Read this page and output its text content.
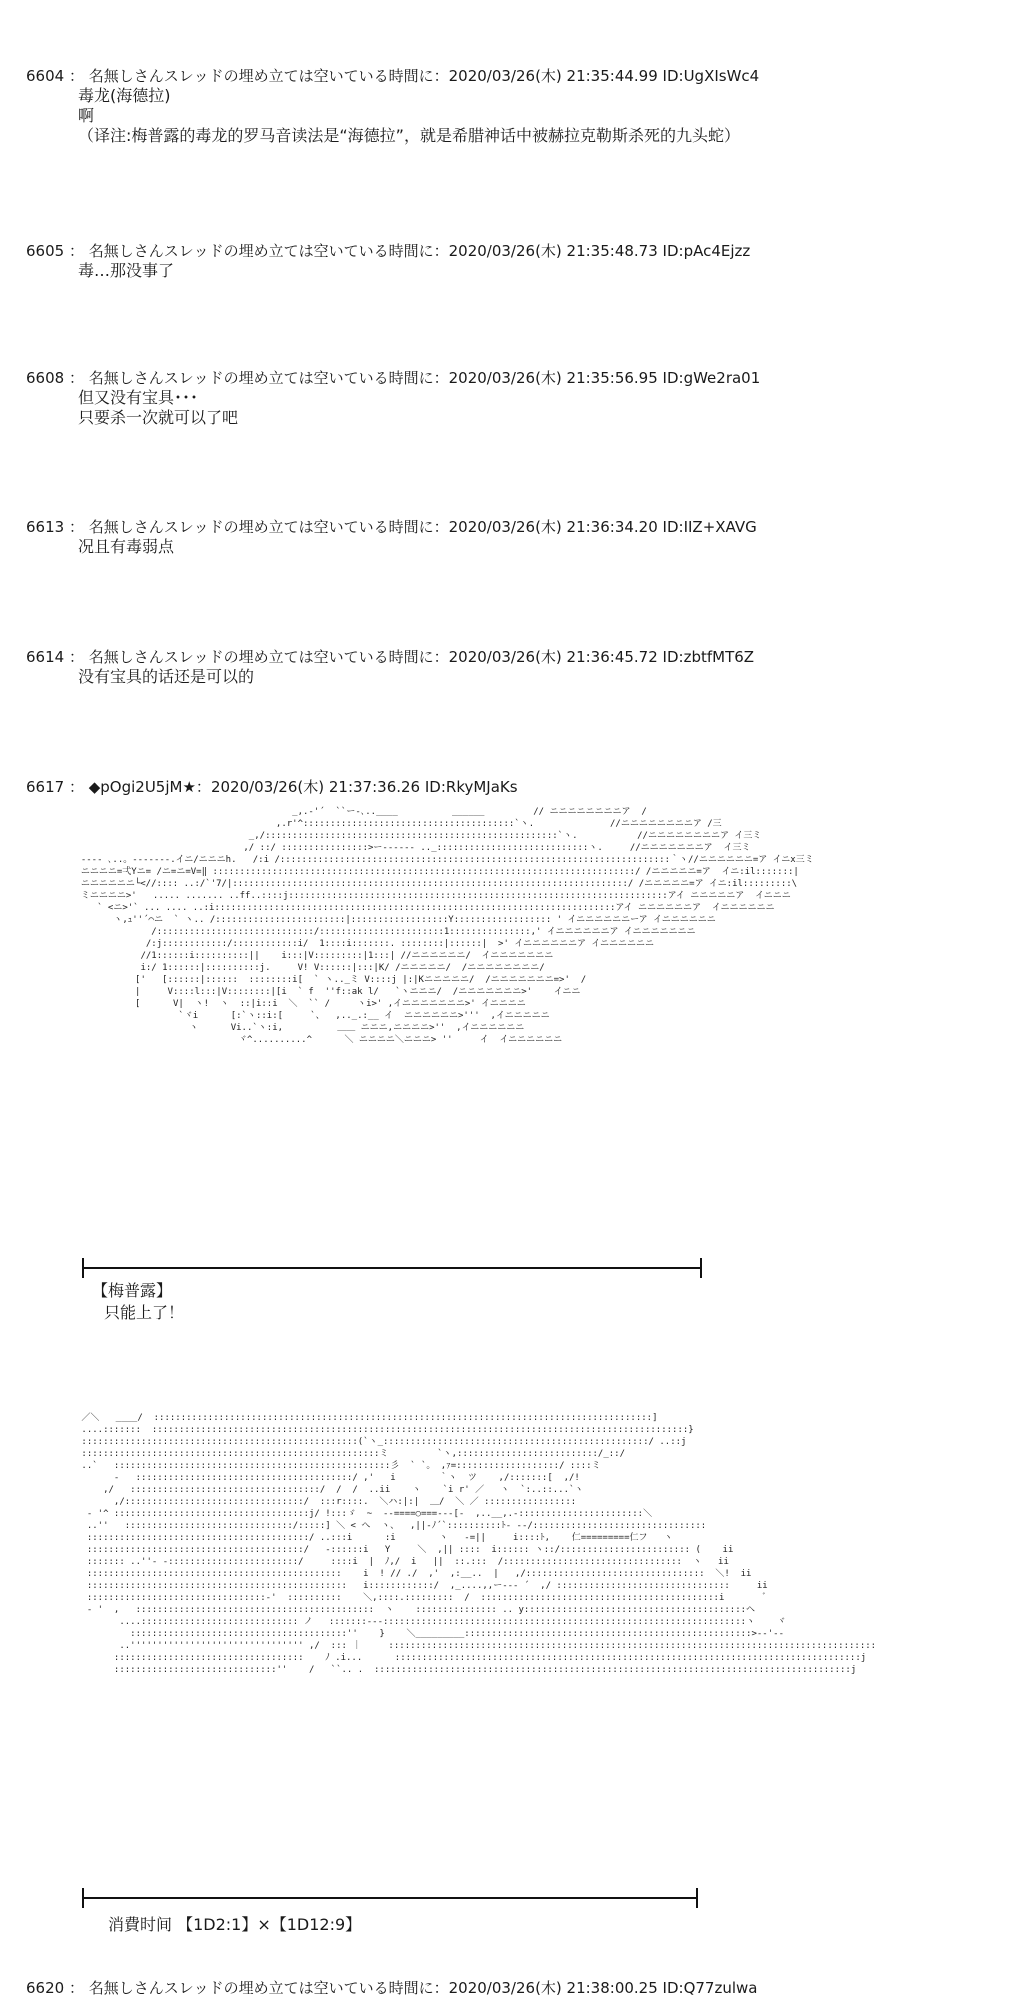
6604 ： 名無しさんスレッドの埋め立ては空いている時間に：2020/03/26(木) 21:35:44.99 ID:UgXIsWc4
毒龙(海德拉)
啊
（译注:梅普露的毒龙的罗马音读法是“海德拉”，就是希腊神话中被赫拉克勒斯杀死的九头蛇）
6605 ： 名無しさんスレッドの埋め立ては空いている時間に：2020/03/26(木) 21:35:48.73 ID:pAc4Ejzz
毒…那没事了
6608 ： 名無しさんスレッドの埋め立ては空いている時間に：2020/03/26(木) 21:35:56.95 ID:gWe2ra01
但又没有宝具･･･
只要杀一次就可以了吧
6613 ： 名無しさんスレッドの埋め立ては空いている時間に：2020/03/26(木) 21:36:34.20 ID:IIZ+XAVG
况且有毒弱点
6614 ： 名無しさんスレッドの埋め立ては空いている時間に：2020/03/26(木) 21:36:45.72 ID:zbtfMT6Z
没有宝具的话还是可以的
6617 ： ◆pOgi2U5jM★：2020/03/26(木) 21:37:36.26 ID:RkyMJaKs
_,.-'´  ``ー-､..____          ______         // ニニニニニニニニア  /
,.r'^:::::::::::::::::::::::::::::::::::::::`ヽ.              //ニニニニニニニニア /三
_,/::::::::::::::::::::::::::::::::::::::::::::::::::::::`ヽ.           //ニニニニニニニニア イ三ミ
,/ ::/ ::::::::::::::::>ー‐‐‐‐‐- .._::::::::::::::::::::::::::::ヽ.     //ニニニニニニニア  イ三ミ
-‐‐‐ ､..。-‐‐‐‐‐‐.イニ/ニニニh.   /:i /::::::::::::::::::::::::::::::::::::::::::::::::::::::::::::::::::::::::｀ヽ//ニニニニニニ=ア イニx三ミ
ニニニニ=弌Yニ= /ニ=ニ=V=‖ ::::::::::::::::::::::::::::::::::::::::::::::::::::::::::::::::::::::::::::::/ /ニニニニニ=ア  イニ:il:::::::|
ニニニニニニ└<//:::: ..:/`'7/|:::::::::::::::::::::::::::::::::::::::::::::::::::::::::::::::::::::::::/ /ニニニニニ=ア イニ:il:::::::::\
ミニニニニ>'   ..... ....... ..ff..::::j::::::::::::::::::::::::::::::::::::::::::::::::::::::::::::::::::::::アイ ニニニニニア  イニニニ
` <ニ>'` ... .... ..:i::::::::::::::::::::::::::::::::::::::::::::::::::::::::::::::::::::::::::アイ ニニニニニニア  イニニニニニニ
ヽ,ｭ''´⌒ニ  ` ヽ.. /::::::::::::::::::::::::|::::::::::::::::::Y:::::::::::::::::: ' イニニニニニニーア イニニニニニニ
/:::::::::::::::::::::::::::::/:::::::::::::::::::::::1:::::::::::::::,' イニニニニニニア イニニニニニニニ
/:j::::::::::::/::::::::::::i/  1::::i:::::::. ::::::::|::::::|  >' イニニニニニニア イニニニニニニ
//1::::::i::::::::::||    i:::|V:::::::::|1:::| //ニニニニニニ/  イニニニニニニニ
i:/ 1::::::|::::::::::j.     V! V::::::|:::|K/ /ニニニニニ/  /ニニニニニニニニ/
['   [::::::|::::::  ::::::::i[  ` ヽ.._ミ V::::j |:|Kニニニニニ/  /ニニニニニニニ=>'  /
|     V::::l:::|V::::::::|[i  ` f  ''f::ak l/   `ヽニニニ/  /ニニニニニニニ>'    イニニ
[      V|  ヽ!  ヽ  ::|i::i  ＼  `` /     ヽi>' ,イニニニニニニニ>' イニニニニ
`ヾi      [:`ヽ::i:[     `、  ,.._.:__ イ  ニニニニニニ>'''  ,イニニニニニ
ヽ      Vi..`ヽ:i,          ＿＿ ニニニ,ニニニニ>''  ,イニニニニニニ
ヾ^..........^      ＼ ニニニニ＼ニニニ> ''     イ  イニニニニニニ
【梅普露】
只能上了！
／＼   ____/  ::::::::::::::::::::::::::::::::::::::::::::::::::::::::::::::::::::::::::::::::::::::::::::]
....:::::::  :::::::::::::::::::::::::::::::::::::::::::::::::::::::::::::::::::::::::::::::::::::::::::::::::::}
:::::::::::::::::::::::::::::::::::::::::::::::::::(`ヽ_:::::::::::::::::::::::::::::::::::::::::::::::::/ ..::j
:::::::::::::::::::::::::::::::::::::::::::::::::::::::ミ         `ヽ,::::::::::::::::::::::::::/_::/
..`   :::::::::::::::::::::::::::::::::::::::::::::::::::彡  ` `。 ,ｧ=:::::::::::::::::::/ ::::ミ
‐   ::::::::::::::::::::::::::::::::::::::::/ ,'   i        ｀ヽ  ツ    ,/:::::::[  ,/!
,/   :::::::::::::::::::::::::::::::::::/  /  /  ..ii    ヽ    `i r' ／   ヽ  `:..::...`ヽ
,/:::::::::::::::::::::::::::::::::/  :::r::::.  ＼ハ:|:|  ＿/  ＼ ／ :::::::::::::::::
‐ '^ ::::::::::::::::::::::::::::::::::::j/ !:::ゞ  ~  -‐====○===‐‐‐[‐  ,..__,.-:::::::::::::::::::::::＼
..''   :::::::::::::::::::::::::::::::/:::::] ＼ < へ  ヽ、  ,||-ﾉ´`::::::::::ﾄ- -‐/::::::::::::::::::::::::::::::::
:::::::::::::::::::::::::::::::::::::::::/ ..:::i      :i        ヽ   -=||     i::::ﾄ,    仁=========仁フ   ヽ
::::::::::::::::::::::::::::::::::::::::/   -::::::i   Y     ＼  ,|| ::::  i:::::: ヽ::/:::::::::::::::::::::::: (    ii
::::::: ..''‐ -::::::::::::::::::::::::/     ::::i  |  ﾉ,/  i   ||  ::.:::  /:::::::::::::::::::::::::::::::::  ヽ   ii
:::::::::::::::::::::::::::::::::::::::::::::::    i  ! // ./  ,'  ,:__..  |   ,/:::::::::::::::::::::::::::::::::  ＼!  ii
::::::::::::::::::::::::::::::::::::::::::::::::   i::::::::::::/  ,_....,,ー‐‐‐ ´  ,/ ::::::::::::::::::::::::::::::::     ii
:::::::::::::::::::::::::::::::::‐'  ::::::::::    ＼,::::.:::::::::  /  ::::::::::::::::::::::::::::::::::::::::::::i       ﾞ
‐ '  ,   ::::::::::::::::::::::::::::::::::::::::::::  ヽ    ::::::::::::::: .. y:::::::::::::::::::::::::::::::::::::::::ヘ
....::::::::::::::::::::::::::::: ノ   :::::::‐‐‐:::::::::::::::::::::::::::::::::::::::::::::::::::::::::::::::::::ヽ    ヾ
::::::::::::::::::::::::::::::::::::::::''    }    ＼_________:::::::::::::::::::::::::::::::::::::::::::::::::::::>--'--
..'''''''''''''''''''''''''''''''' ,/  ::: ｜     ::::::::::::::::::::::::::::::::::::::::::::::::::::::::::::::::::::::::::::::::::::::::::
:::::::::::::::::::::::::::::::::::    ﾉ .i...      ::::::::::::::::::::::::::::::::::::::::::::::::::::::::::::::::::::::::::::::::::::::j
::::::::::::::::::::::::::::::''    /   ``.. .  ::::::::::::::::::::::::::::::::::::::::::::::::::::::::::::::::::::::::::::::::::::::::j
消費时间 【1D2:1】×【1D12:9】
6620 ： 名無しさんスレッドの埋め立ては空いている時間に：2020/03/26(木) 21:38:00.25 ID:Q77zulwa
